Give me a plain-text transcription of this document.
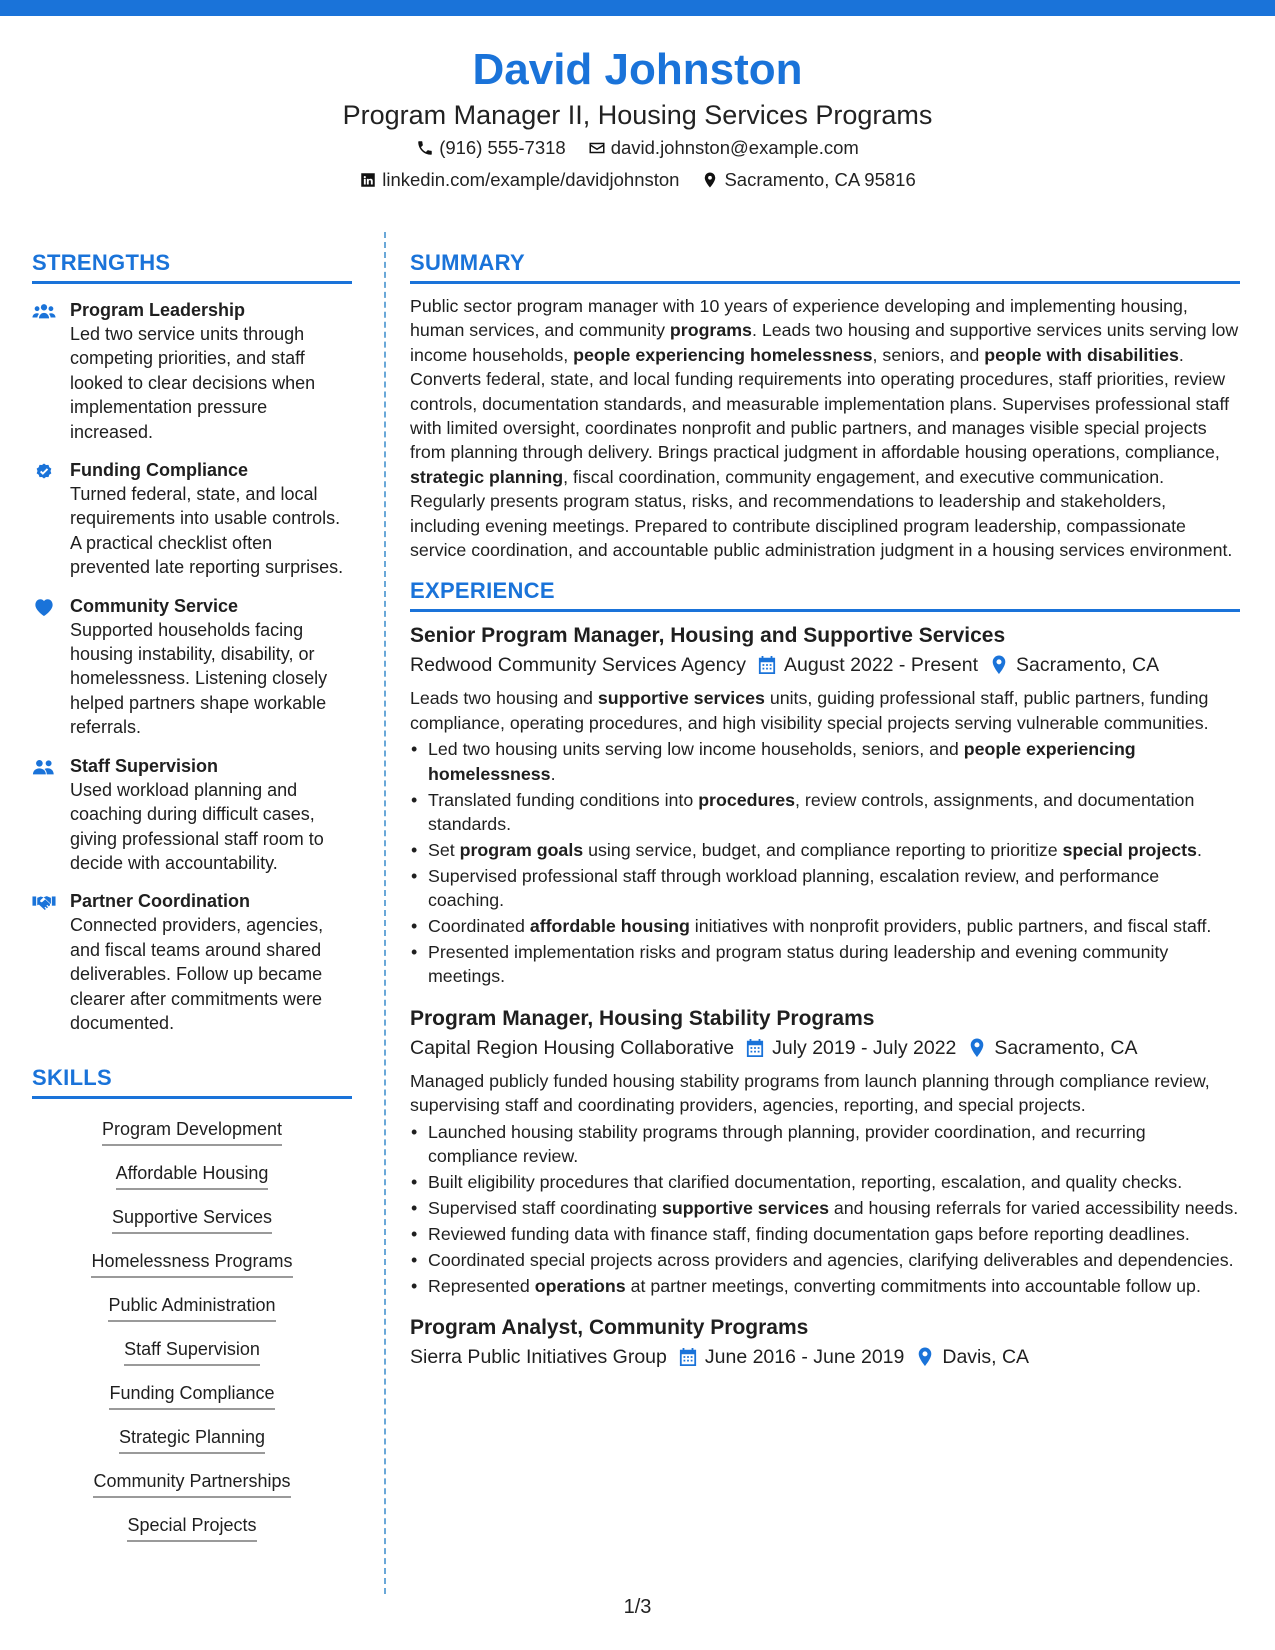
David Johnston
Program Manager II, Housing Services Programs
(916) 555-7318 david.johnston@example.com
linkedin.com/example/davidjohnston Sacramento, CA 95816
STRENGTHS
Program Leadership
Led two service units through competing priorities, and staff looked to clear decisions when implementation pressure increased.
Funding Compliance
Turned federal, state, and local requirements into usable controls. A practical checklist often prevented late reporting surprises.
Community Service
Supported households facing housing instability, disability, or homelessness. Listening closely helped partners shape workable referrals.
Staff Supervision
Used workload planning and coaching during difficult cases, giving professional staff room to decide with accountability.
Partner Coordination
Connected providers, agencies, and fiscal teams around shared deliverables. Follow up became clearer after commitments were documented.
SKILLS
Program Development
Affordable Housing
Supportive Services
Homelessness Programs
Public Administration
Staff Supervision
Funding Compliance
Strategic Planning
Community Partnerships
Special Projects
SUMMARY
Public sector program manager with 10 years of experience developing and implementing housing, human services, and community programs. Leads two housing and supportive services units serving low income households, people experiencing homelessness, seniors, and people with disabilities. Converts federal, state, and local funding requirements into operating procedures, staff priorities, review controls, documentation standards, and measurable implementation plans. Supervises professional staff with limited oversight, coordinates nonprofit and public partners, and manages visible special projects from planning through delivery. Brings practical judgment in affordable housing operations, compliance, strategic planning, fiscal coordination, community engagement, and executive communication. Regularly presents program status, risks, and recommendations to leadership and stakeholders, including evening meetings. Prepared to contribute disciplined program leadership, compassionate service coordination, and accountable public administration judgment in a housing services environment.
EXPERIENCE
Senior Program Manager, Housing and Supportive Services
Redwood Community Services Agency August 2022 - Present Sacramento, CA
Leads two housing and supportive services units, guiding professional staff, public partners, funding compliance, operating procedures, and high visibility special projects serving vulnerable communities.
• Led two housing units serving low income households, seniors, and people experiencing homelessness.
• Translated funding conditions into procedures, review controls, assignments, and documentation standards.
• Set program goals using service, budget, and compliance reporting to prioritize special projects.
• Supervised professional staff through workload planning, escalation review, and performance coaching.
• Coordinated affordable housing initiatives with nonprofit providers, public partners, and fiscal staff.
• Presented implementation risks and program status during leadership and evening community meetings.
Program Manager, Housing Stability Programs
Capital Region Housing Collaborative July 2019 - July 2022 Sacramento, CA
Managed publicly funded housing stability programs from launch planning through compliance review, supervising staff and coordinating providers, agencies, reporting, and special projects.
• Launched housing stability programs through planning, provider coordination, and recurring compliance review.
• Built eligibility procedures that clarified documentation, reporting, escalation, and quality checks.
• Supervised staff coordinating supportive services and housing referrals for varied accessibility needs.
• Reviewed funding data with finance staff, finding documentation gaps before reporting deadlines.
• Coordinated special projects across providers and agencies, clarifying deliverables and dependencies.
• Represented operations at partner meetings, converting commitments into accountable follow up.
Program Analyst, Community Programs
Sierra Public Initiatives Group June 2016 - June 2019 Davis, CA
1/3
